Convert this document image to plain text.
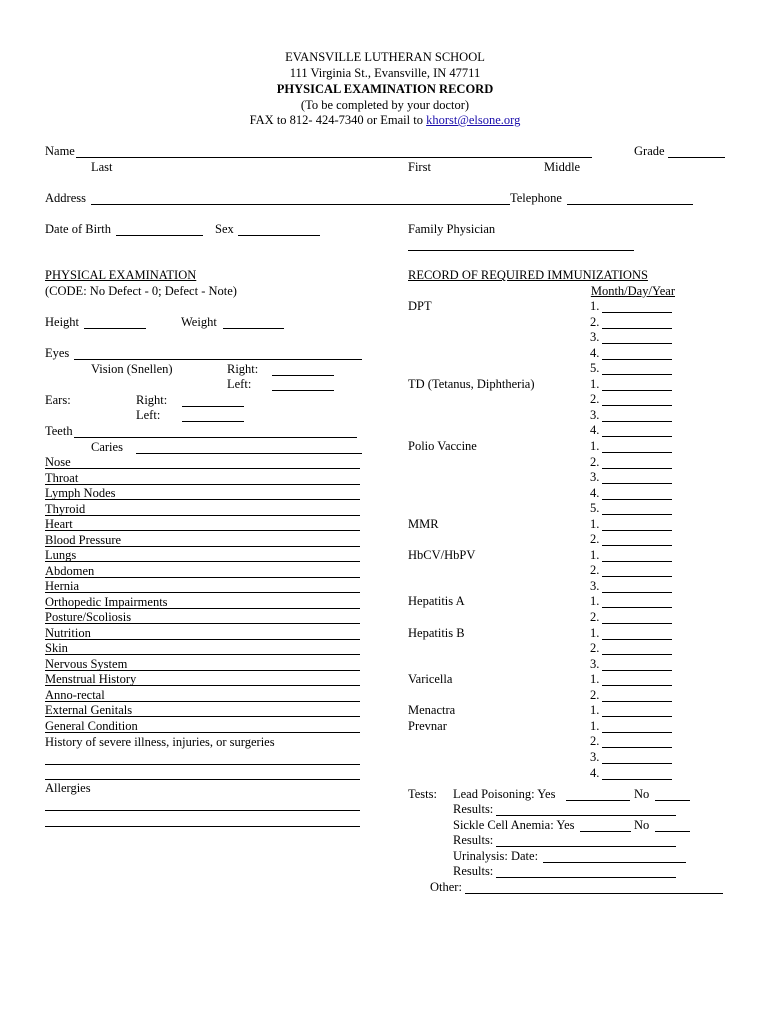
EVANSVILLE LUTHERAN SCHOOL
111 Virginia St., Evansville, IN 47711
PHYSICAL EXAMINATION RECORD
(To be completed by your doctor)
FAX to 812- 424-7340 or Email to khorst@elsone.org
Name	Grade
Last	First	Middle
Address	Telephone
Date of Birth	Sex	Family Physician
PHYSICAL EXAMINATION
(CODE: No Defect - 0; Defect - Note)
Height	Weight
Eyes
Vision (Snellen)	Right:
Left:
Ears:	Right:
Left:
Teeth
Caries
Nose
Throat
Lymph Nodes
Thyroid
Heart
Blood Pressure
Lungs
Abdomen
Hernia
Orthopedic Impairments
Posture/Scoliosis
Nutrition
Skin
Nervous System
Menstrual History
Anno-rectal
External Genitals
General Condition
History of severe illness, injuries, or surgeries
Allergies
RECORD OF REQUIRED IMMUNIZATIONS
Month/Day/Year
DPT	1.
2.
3.
4.
5.
TD (Tetanus, Diphtheria)	1.
2.
3.
4.
Polio Vaccine	1.
2.
3.
4.
5.
MMR	1.
2.
HbCV/HbPV	1.
2.
3.
Hepatitis A	1.
2.
Hepatitis B	1.
2.
3.
Varicella	1.
2.
Menactra	1.
Prevnar	1.
2.
3.
4.
Tests: Lead Poisoning: Yes	No
Results:
Sickle Cell Anemia: Yes	No
Results:
Urinalysis: Date:
Results:
Other:
